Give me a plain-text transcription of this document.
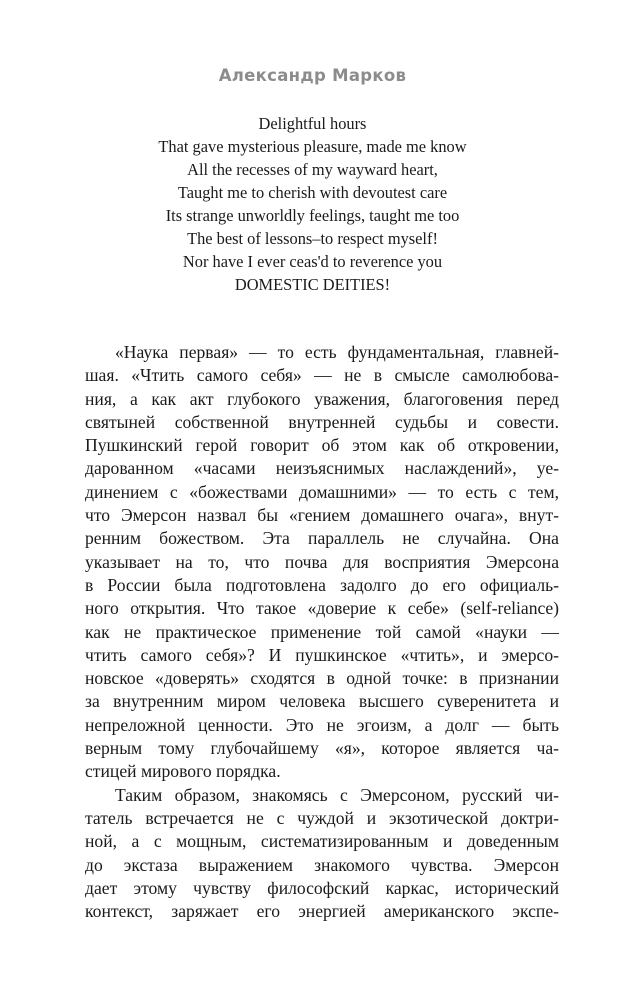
Александр Марков
Delightful hours
That gave mysterious pleasure, made me know
All the recesses of my wayward heart,
Taught me to cherish with devoutest care
Its strange unworldly feelings, taught me too
The best of lessons–to respect myself!
Nor have I ever ceas'd to reverence you
DOMESTIC DEITIES!
«Наука первая» — то есть фундаментальная, главней-
шая. «Чтить самого себя» — не в смысле самолюбова-
ния, а как акт глубокого уважения, благоговения перед
святыней собственной внутренней судьбы и совести.
Пушкинский герой говорит об этом как об откровении,
дарованном «часами неизъяснимых наслаждений», уе-
динением с «божествами домашними» — то есть с тем,
что Эмерсон назвал бы «гением домашнего очага», внут-
ренним божеством. Эта параллель не случайна. Она
указывает на то, что почва для восприятия Эмерсона
в России была подготовлена задолго до его официаль-
ного открытия. Что такое «доверие к себе» (self-reliance)
как не практическое применение той самой «науки —
чтить самого себя»? И пушкинское «чтить», и эмерсо-
новское «доверять» сходятся в одной точке: в признании
за внутренним миром человека высшего суверенитета и
непреложной ценности. Это не эгоизм, а долг — быть
верным тому глубочайшему «я», которое является ча-
стицей мирового порядка.
Таким образом, знакомясь с Эмерсоном, русский чи-
татель встречается не с чуждой и экзотической доктри-
ной, а с мощным, систематизированным и доведенным
до экстаза выражением знакомого чувства. Эмерсон
дает этому чувству философский каркас, исторический
контекст, заряжает его энергией американского экспе-
